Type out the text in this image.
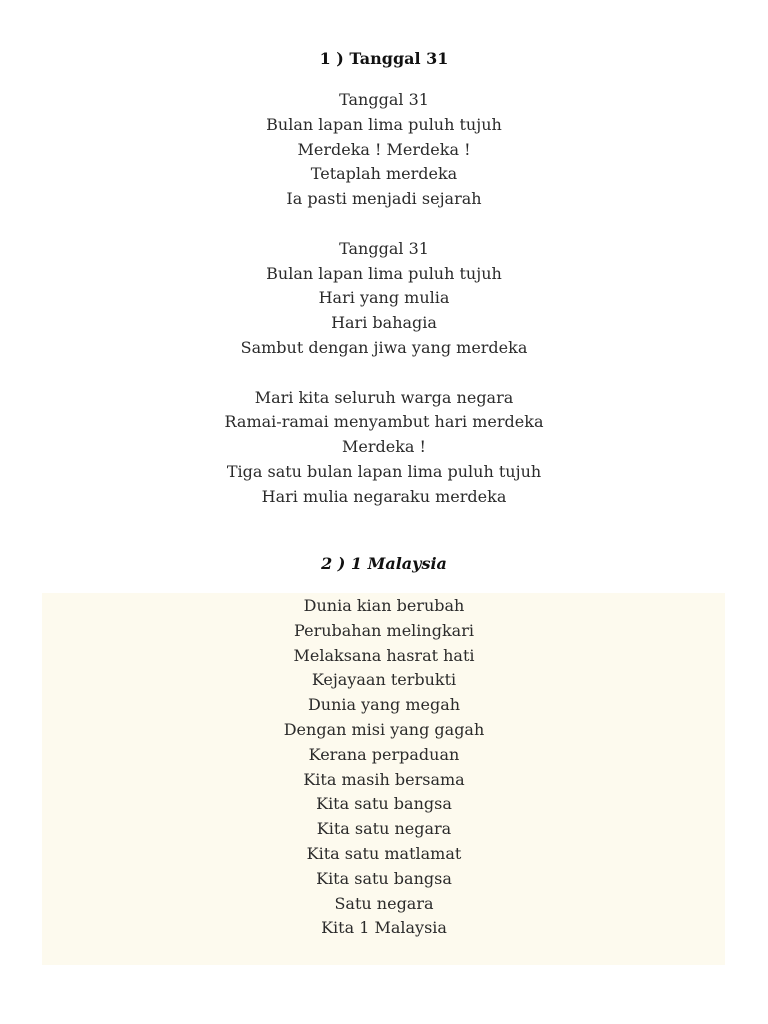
1 ) Tanggal 31
Tanggal 31
Bulan lapan lima puluh tujuh
Merdeka ! Merdeka !
Tetaplah merdeka
Ia pasti menjadi sejarah
Tanggal 31
Bulan lapan lima puluh tujuh
Hari yang mulia
Hari bahagia
Sambut dengan jiwa yang merdeka
Mari kita seluruh warga negara
Ramai-ramai menyambut hari merdeka
Merdeka !
Tiga satu bulan lapan lima puluh tujuh
Hari mulia negaraku merdeka
2 ) 1 Malaysia
Dunia kian berubah
Perubahan melingkari
Melaksana hasrat hati
Kejayaan terbukti
Dunia yang megah
Dengan misi yang gagah
Kerana perpaduan
Kita masih bersama
Kita satu bangsa
Kita satu negara
Kita satu matlamat
Kita satu bangsa
Satu negara
Kita 1 Malaysia
